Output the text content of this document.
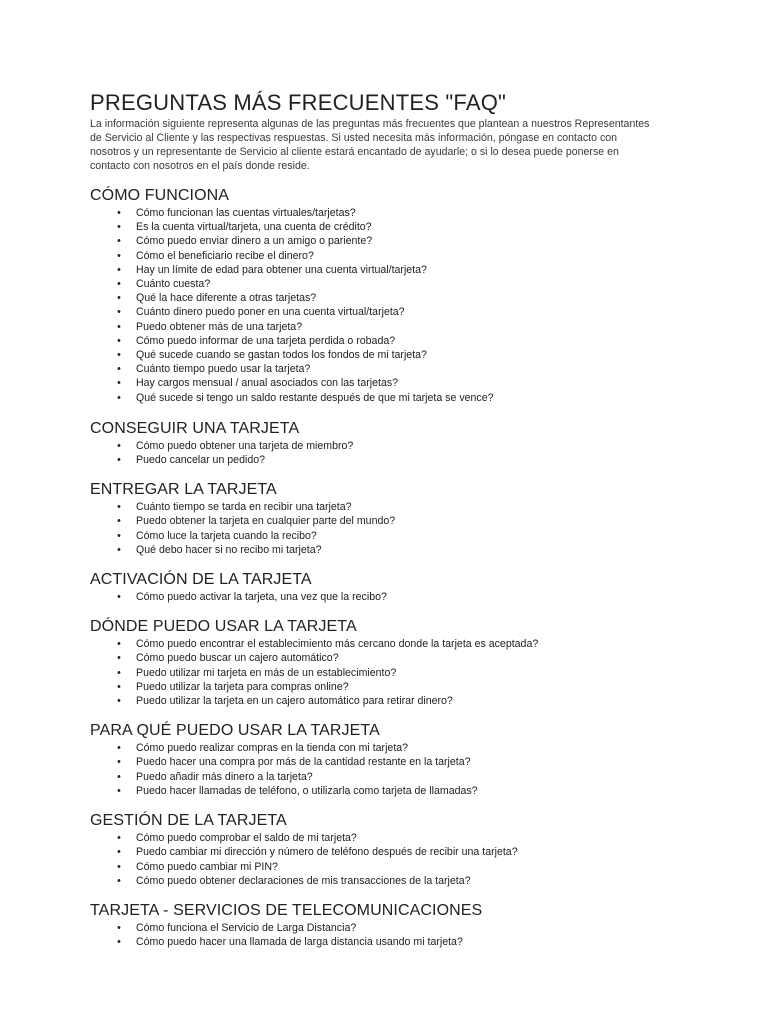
PREGUNTAS MÁS FRECUENTES "FAQ"

La información siguiente representa algunas de las preguntas más frecuentes que plantean a nuestros Representantes de Servicio al Cliente y las respectivas respuestas. Si usted necesita más información, póngase en contacto con nosotros y un representante de Servicio al cliente estará encantado de ayudarle; o si lo desea puede ponerse en contacto con nosotros en el país donde reside.

CÓMO FUNCIONA
• Cómo funcionan las cuentas virtuales/tarjetas?
• Es la cuenta virtual/tarjeta, una cuenta de crédito?
• Cómo puedo enviar dinero a un amigo o pariente?
• Cómo el beneficiario recibe el dinero?
• Hay un límite de edad para obtener una cuenta virtual/tarjeta?
• Cuánto cuesta?
• Qué la hace diferente a otras tarjetas?
• Cuánto dinero puedo poner en una cuenta virtual/tarjeta?
• Puedo obtener más de una tarjeta?
• Cómo puedo informar de una tarjeta perdida o robada?
• Qué sucede cuando se gastan todos los fondos de mi tarjeta?
• Cuánto tiempo puedo usar la tarjeta?
• Hay cargos mensual / anual asociados con las tarjetas?
• Qué sucede si tengo un saldo restante después de que mi tarjeta se vence?
CONSEGUIR UNA TARJETA
• Cómo puedo obtener una tarjeta de miembro?
• Puedo cancelar un pedido?
ENTREGAR LA TARJETA
• Cuánto tiempo se tarda en recibir una tarjeta?
• Puedo obtener la tarjeta en cualquier parte del mundo?
• Cómo luce la tarjeta cuando la recibo?
• Qué debo hacer si no recibo mi tarjeta?
ACTIVACIÓN DE LA TARJETA
• Cómo puedo activar la tarjeta, una vez que la recibo?
DÓNDE PUEDO USAR LA TARJETA
• Cómo puedo encontrar el establecimiento más cercano donde la tarjeta es aceptada?
• Cómo puedo buscar un cajero automático?
• Puedo utilizar mi tarjeta en más de un establecimiento?
• Puedo utilizar la tarjeta para compras online?
• Puedo utilizar la tarjeta en un cajero automático para retirar dinero?
PARA QUÉ PUEDO USAR LA TARJETA
• Cómo puedo realizar compras en la tienda con mi tarjeta?
• Puedo hacer una compra por más de la cantidad restante en la tarjeta?
• Puedo añadir más dinero a la tarjeta?
• Puedo hacer llamadas de teléfono, o utilizarla como tarjeta de llamadas?
GESTIÓN DE LA TARJETA
• Cómo puedo comprobar el saldo de mi tarjeta?
• Puedo cambiar mi dirección y número de teléfono después de recibir una tarjeta?
• Cómo puedo cambiar mi PIN?
• Cómo puedo obtener declaraciones de mis transacciones de la tarjeta?
TARJETA - SERVICIOS DE TELECOMUNICACIONES
• Cómo funciona el Servicio de Larga Distancia?
• Cómo puedo hacer una llamada de larga distancia usando mi tarjeta?
